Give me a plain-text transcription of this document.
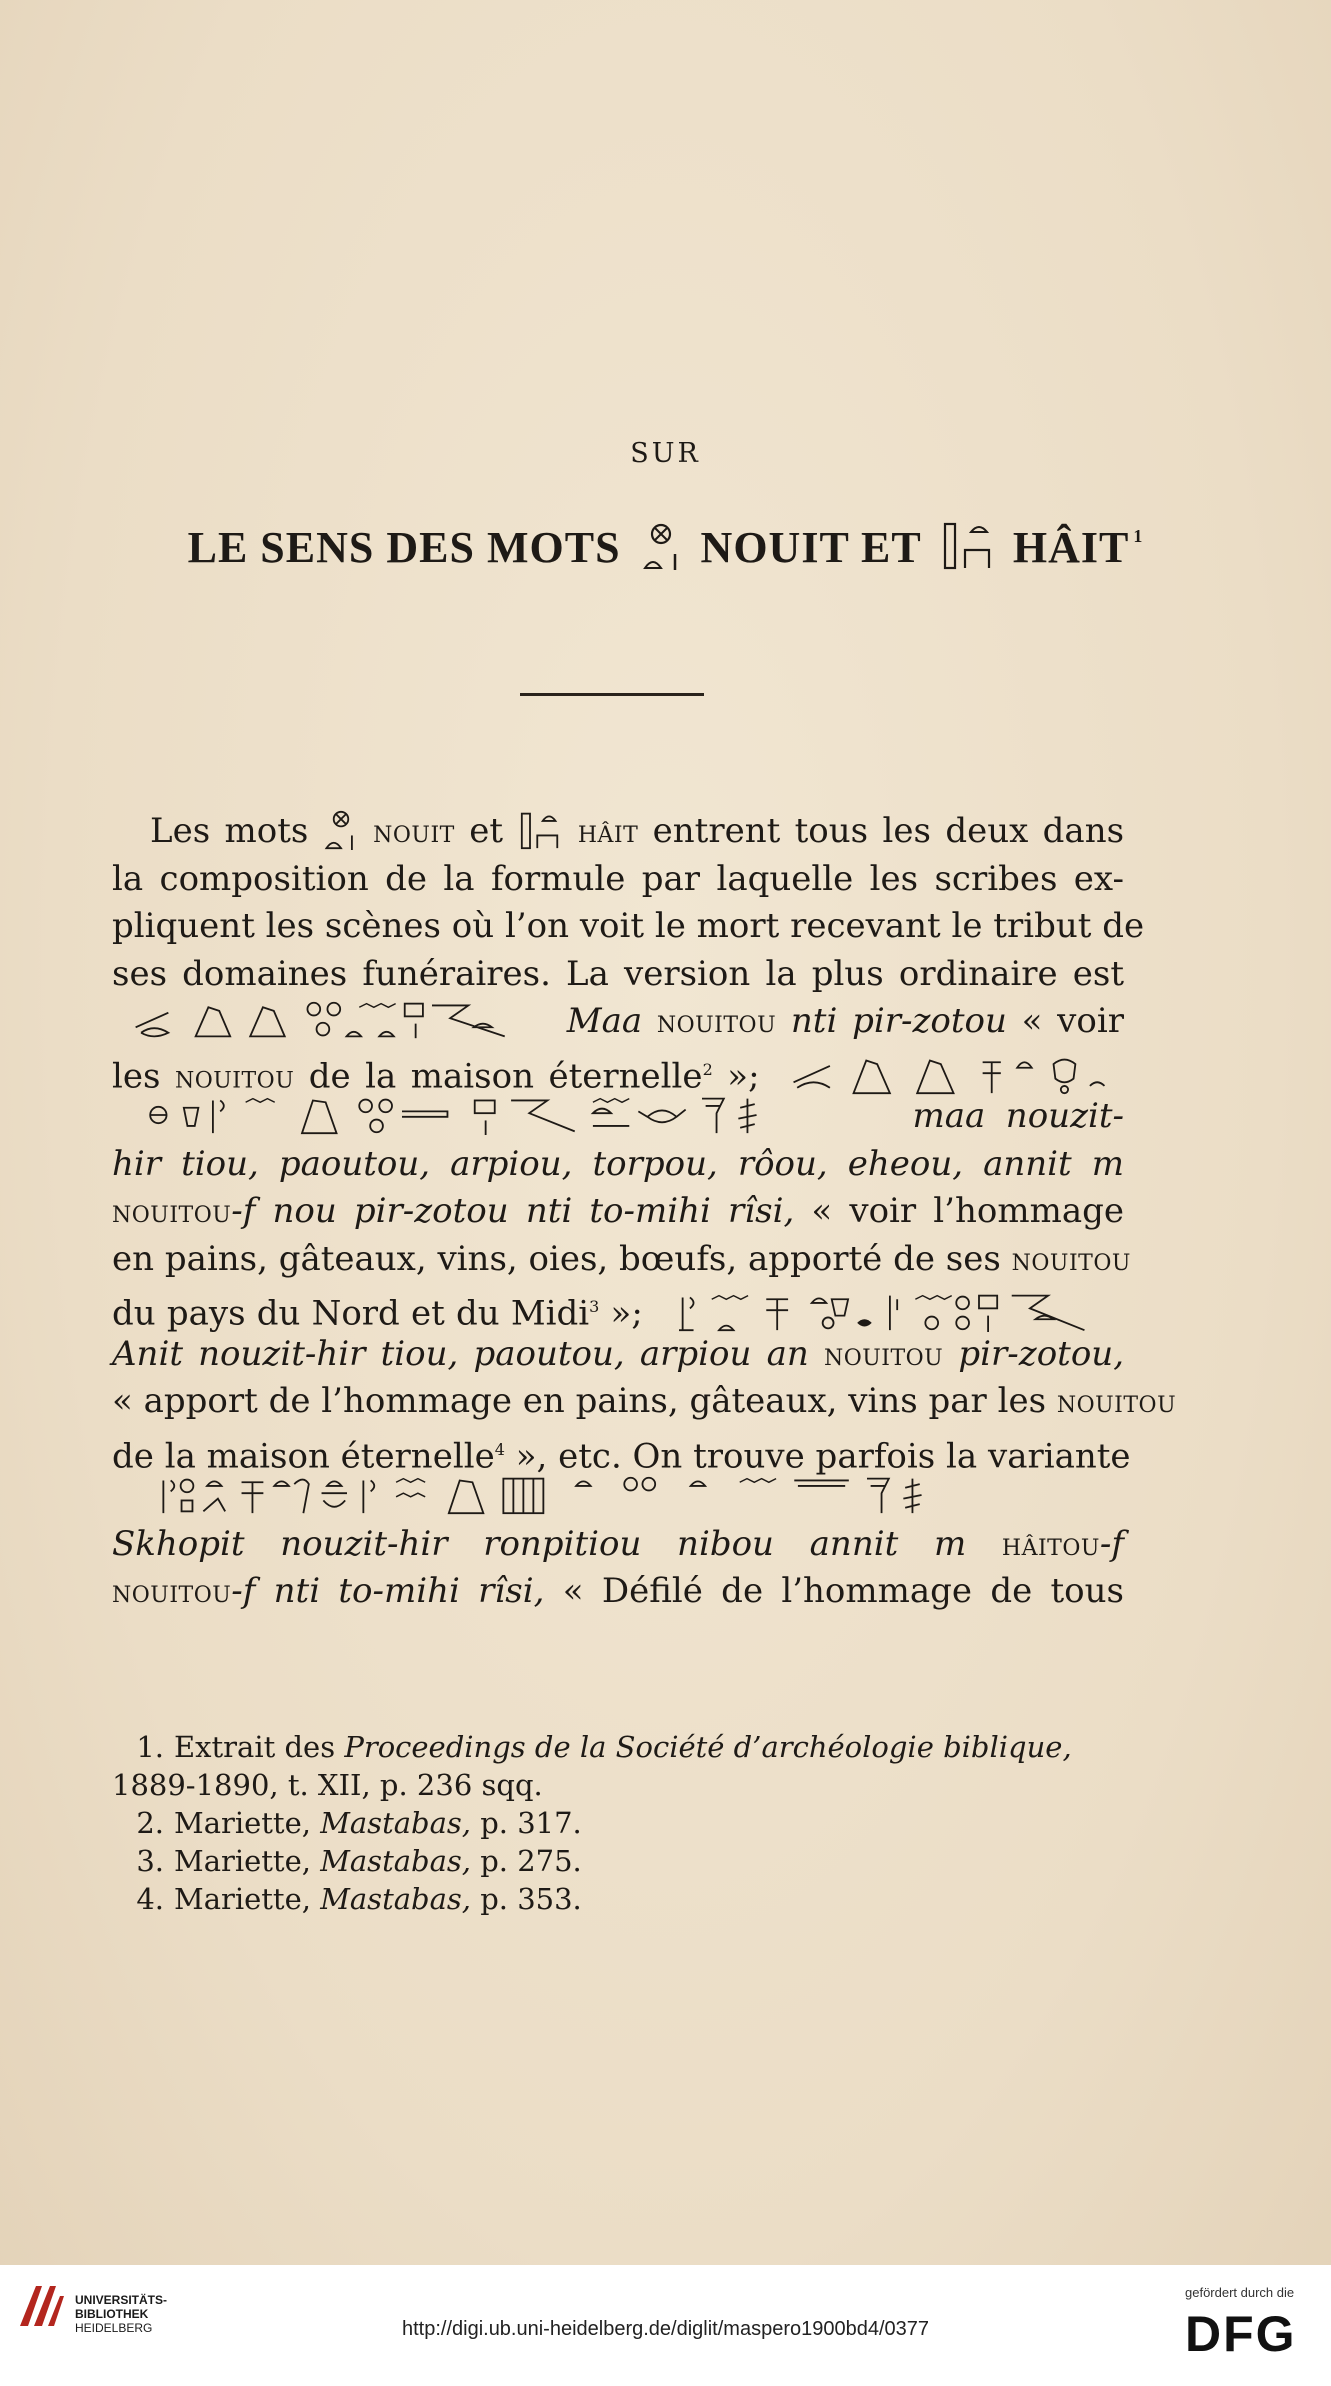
SUR
LE SENS DES MOTS NOUIT ET HÂIT $^1$
Les mots nouit et hâit entrent tous les deux dans
la composition de la formule par laquelle les scribes ex-
pliquent les scènes où l’on voit le mort recevant le tribut de
ses domaines funéraires. La version la plus ordinaire est
Maa nouitou nti pir-zotou « voir
les nouitou de la maison éternelle$^2$ »;
maa nouzit-
hir tiou, paoutou, arpiou, torpou, rôou, eheou, annit m
nouitou-f nou pir-zotou nti to-mihi rîsi, « voir l’hommage
en pains, gâteaux, vins, oies, bœufs, apporté de ses nouitou
du pays du Nord et du Midi$^3$ »;
Anit nouzit-hir tiou, paoutou, arpiou an nouitou pir-zotou,
« apport de l’hommage en pains, gâteaux, vins par les nouitou
de la maison éternelle$^4$ », etc. On trouve parfois la variante
Skhopit nouzit-hir ronpitiou nibou annit m hâitou-f
nouitou-f nti to-mihi rîsi, « Défilé de l’hommage de tous
1. Extrait des Proceedings de la Société d’archéologie biblique,
1889-1890, t. XII, p. 236 sqq.
2. Mariette, Mastabas, p. 317.
3. Mariette, Mastabas, p. 275.
4. Mariette, Mastabas, p. 353.
UNIVERSITÄTS-
BIBLIOTHEK
HEIDELBERG	http://digi.ub.uni-heidelberg.de/diglit/maspero1900bd4/0377
gefördert durch die
DFG
